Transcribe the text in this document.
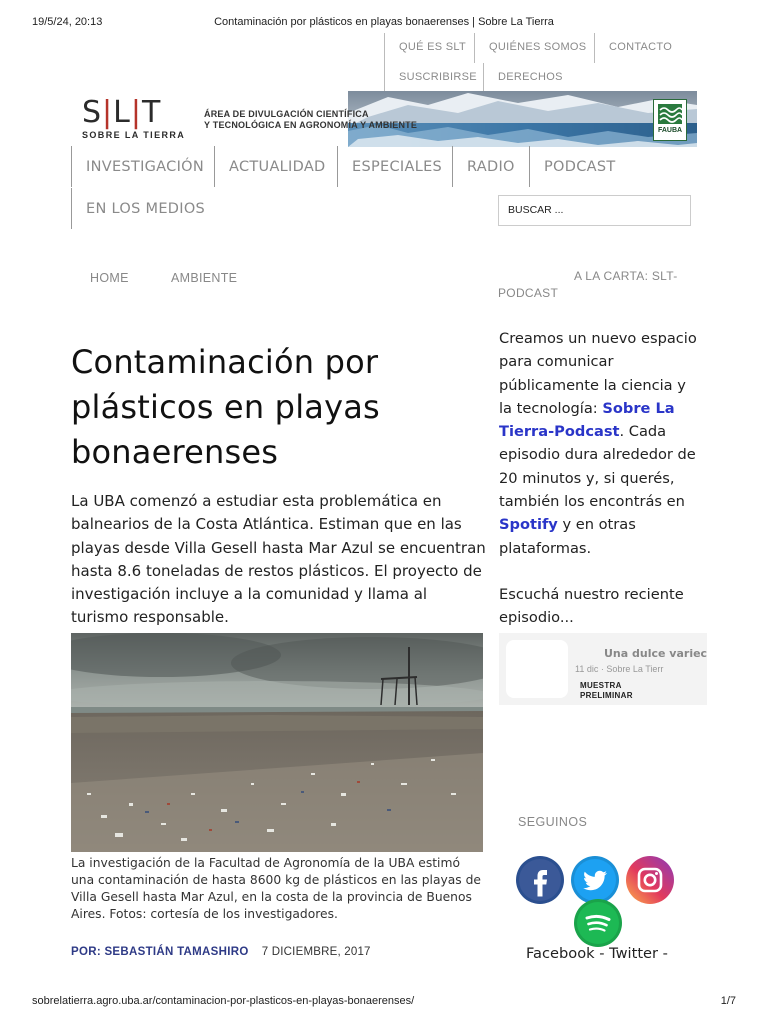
19/5/24, 20:13	Contaminación por plásticos en playas bonaerenses | Sobre La Tierra
QUÉ ES SLT	QUIÉNES SOMOS	CONTACTO
SUSCRIBIRSE	DERECHOS
S|L|T
SOBRE LA TIERRA
ÁREA DE DIVULGACIÓN CIENTÍFICA
Y TECNOLÓGICA EN AGRONOMÍA Y AMBIENTE
FAUBA
INVESTIGACIÓN	ACTUALIDAD	ESPECIALES	RADIO	PODCAST
EN LOS MEDIOS	BUSCAR ...
HOME	AMBIENTE	A LA CARTA: SLT-PODCAST
Contaminación por plásticos en playas bonaerenses

La UBA comenzó a estudiar esta problemática en balnearios de la Costa Atlántica. Estiman que en las playas desde Villa Gesell hasta Mar Azul se encuentran hasta 8.6 toneladas de restos plásticos. El proyecto de investigación incluye a la comunidad y llama al turismo responsable.

La investigación de la Facultad de Agronomía de la UBA estimó una contaminación de hasta 8600 kg de plásticos en las playas de Villa Gesell hasta Mar Azul, en la costa de la provincia de Buenos Aires. Fotos: cortesía de los investigadores.

POR: SEBASTIÁN TAMASHIRO 7 DICIEMBRE, 2017

Creamos un nuevo espacio para comunicar públicamente la ciencia y la tecnología: Sobre La Tierra-Podcast. Cada episodio dura alrededor de 20 minutos y, si querés, también los encontrás en Spotify y en otras plataformas.

Escuchá nuestro reciente episodio...

Una dulce variec
11 dic · Sobre La Tierr
MUESTRA PRELIMINAR
SEGUINOS
Facebook - Twitter -
sobrelatierra.agro.uba.ar/contaminacion-por-plasticos-en-playas-bonaerenses/	1/7
